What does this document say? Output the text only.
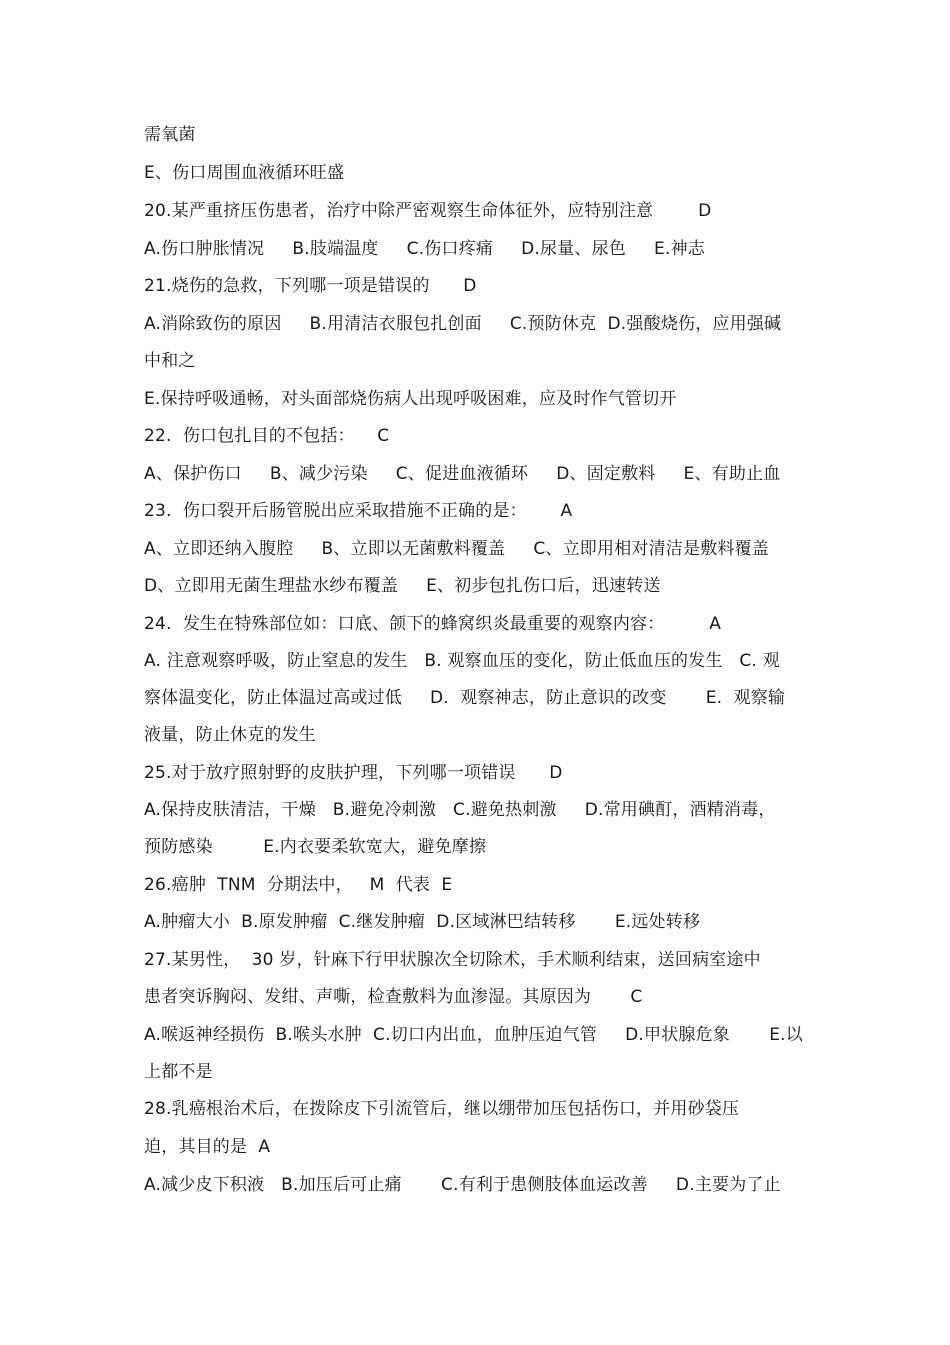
需氧菌
E、伤口周围血液循环旺盛
20.某严重挤压伤患者，治疗中除严密观察生命体征外，应特别注意        D
A.伤口肿胀情况     B.肢端温度     C.伤口疼痛     D.尿量、尿色     E.神志
21.烧伤的急救，下列哪一项是错误的      D
A.消除致伤的原因     B.用清洁衣服包扎创面     C.预防休克  D.强酸烧伤，应用强碱
中和之
E.保持呼吸通畅，对头面部烧伤病人出现呼吸困难，应及时作气管切开
22.  伤口包扎目的不包括：    C
A、保护伤口     B、减少污染     C、促进血液循环     D、固定敷料     E、有助止血
23.  伤口裂开后肠管脱出应采取措施不正确的是：      A
A、立即还纳入腹腔     B、立即以无菌敷料覆盖     C、立即用相对清洁是敷料覆盖
D、立即用无菌生理盐水纱布覆盖     E、初步包扎伤口后，迅速转送
24.  发生在特殊部位如：口底、颌下的蜂窝织炎最重要的观察内容：        A
A. 注意观察呼吸，防止窒息的发生   B. 观察血压的变化，防止低血压的发生   C. 观
察体温变化，防止体温过高或过低     D.  观察神志，防止意识的改变       E.  观察输
液量，防止休克的发生
25.对于放疗照射野的皮肤护理，下列哪一项错误      D
A.保持皮肤清洁，干燥   B.避免冷刺激   C.避免热刺激     D.常用碘酊，酒精消毒，
预防感染         E.内衣要柔软宽大，避免摩擦
26.癌肿  TNM  分期法中，   M  代表  E
A.肿瘤大小  B.原发肿瘤  C.继发肿瘤  D.区域淋巴结转移       E.远处转移
27.某男性，  30 岁，针麻下行甲状腺次全切除术，手术顺利结束，送回病室途中
患者突诉胸闷、发绀、声嘶，检查敷料为血渗湿。其原因为       C
A.喉返神经损伤  B.喉头水肿  C.切口内出血，血肿压迫气管     D.甲状腺危象       E.以
上都不是
28.乳癌根治术后，在拨除皮下引流管后，继以绷带加压包括伤口，并用砂袋压
迫，其目的是  A
A.减少皮下积液   B.加压后可止痛       C.有利于患侧肢体血运改善     D.主要为了止
